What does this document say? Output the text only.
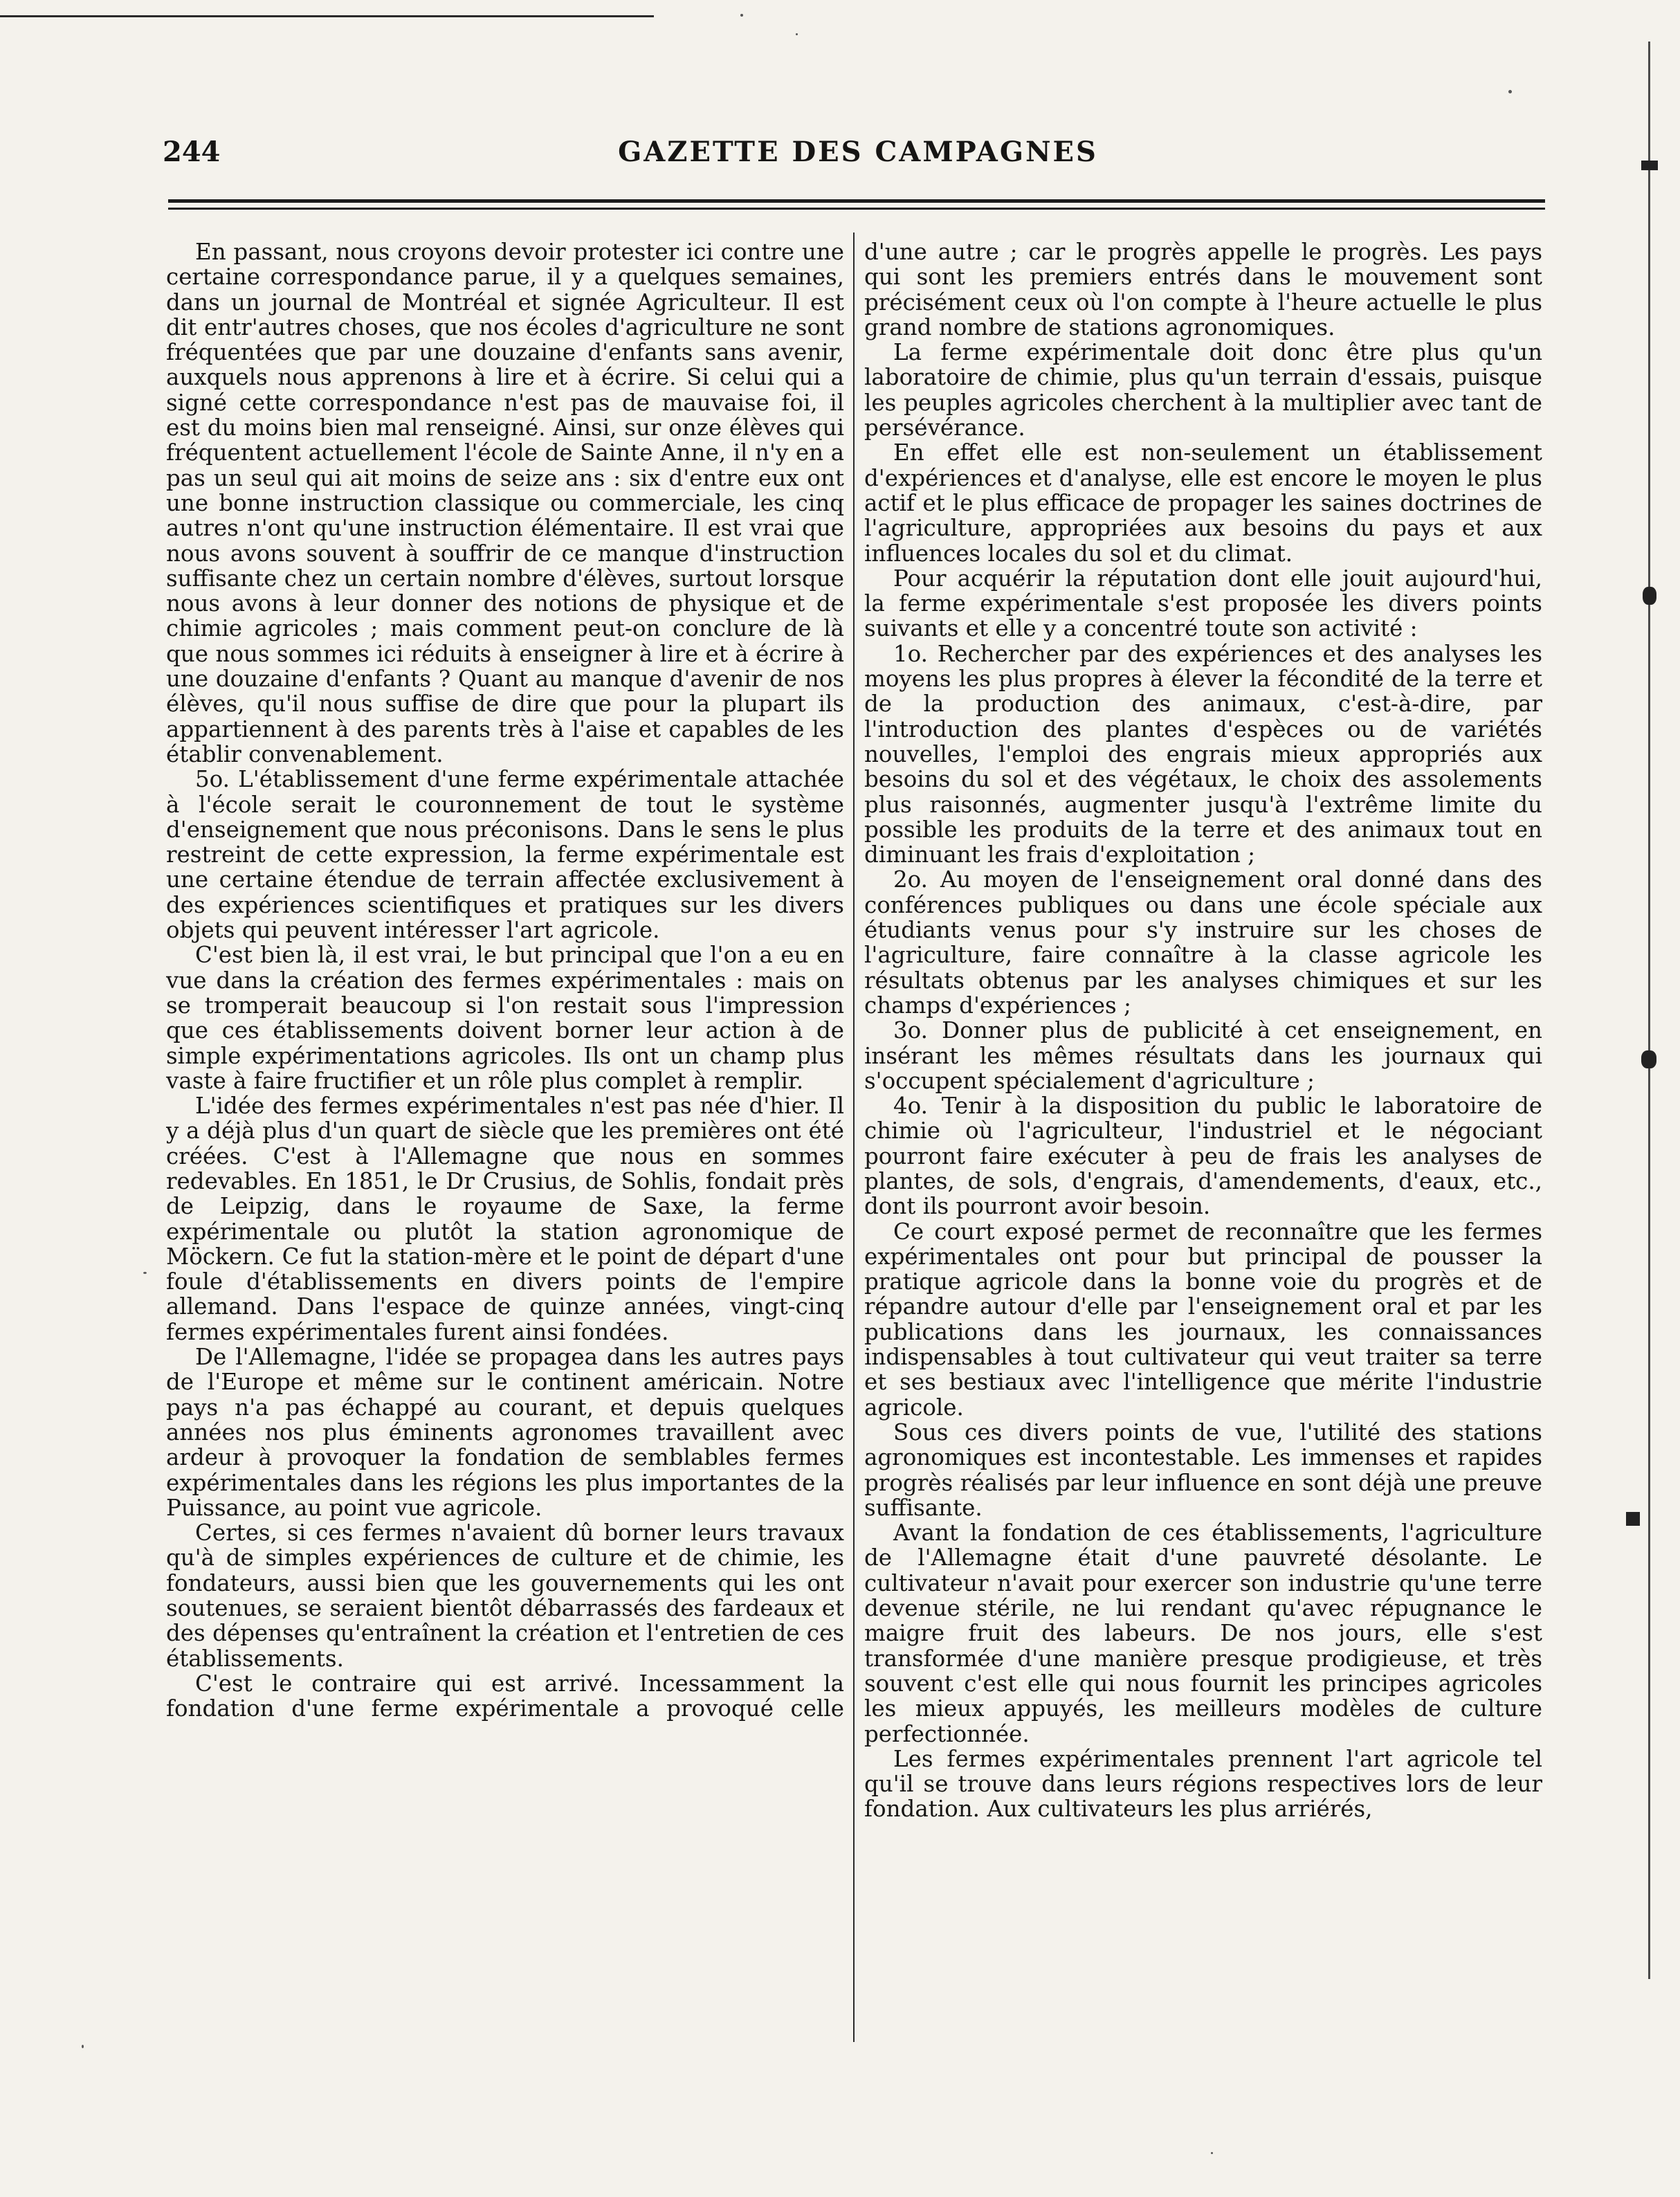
244	GAZETTE DES CAMPAGNES

En passant, nous croyons devoir protester ici contre une certaine correspondance parue, il y a quelques semaines, dans un journal de Montréal et signée Agriculteur. Il est dit entr'autres choses, que nos écoles d'agriculture ne sont fréquentées que par une douzaine d'enfants sans avenir, auxquels nous apprenons à lire et à écrire. Si celui qui a signé cette correspondance n'est pas de mauvaise foi, il est du moins bien mal renseigné. Ainsi, sur onze élèves qui fréquentent actuellement l'école de Sainte Anne, il n'y en a pas un seul qui ait moins de seize ans : six d'entre eux ont une bonne instruction classique ou commerciale, les cinq autres n'ont qu'une instruction élémentaire. Il est vrai que nous avons souvent à souffrir de ce manque d'instruction suffisante chez un certain nombre d'élèves, surtout lorsque nous avons à leur donner des notions de physique et de chimie agricoles ; mais comment peut-on conclure de là que nous sommes ici réduits à enseigner à lire et à écrire à une douzaine d'enfants ? Quant au manque d'avenir de nos élèves, qu'il nous suffise de dire que pour la plupart ils appartiennent à des parents très à l'aise et capables de les établir convenablement.

5o. L'établissement d'une ferme expérimentale attachée à l'école serait le couronnement de tout le système d'enseignement que nous préconisons. Dans le sens le plus restreint de cette expression, la ferme expérimentale est une certaine étendue de terrain affectée exclusivement à des expériences scientifiques et pratiques sur les divers objets qui peuvent intéresser l'art agricole.

C'est bien là, il est vrai, le but principal que l'on a eu en vue dans la création des fermes expérimentales : mais on se tromperait beaucoup si l'on restait sous l'impression que ces établissements doivent borner leur action à de simple expérimentations agricoles. Ils ont un champ plus vaste à faire fructifier et un rôle plus complet à remplir.

L'idée des fermes expérimentales n'est pas née d'hier. Il y a déjà plus d'un quart de siècle que les premières ont été créées. C'est à l'Allemagne que nous en sommes redevables. En 1851, le Dr Crusius, de Sohlis, fondait près de Leipzig, dans le royaume de Saxe, la ferme expérimentale ou plutôt la station agronomique de Möckern. Ce fut la station-mère et le point de départ d'une foule d'établissements en divers points de l'empire allemand. Dans l'espace de quinze années, vingt-cinq fermes expérimentales furent ainsi fondées.

De l'Allemagne, l'idée se propagea dans les autres pays de l'Europe et même sur le continent américain. Notre pays n'a pas échappé au courant, et depuis quelques années nos plus éminents agronomes travaillent avec ardeur à provoquer la fondation de semblables fermes expérimentales dans les régions les plus importantes de la Puissance, au point vue agricole.

Certes, si ces fermes n'avaient dû borner leurs travaux qu'à de simples expériences de culture et de chimie, les fondateurs, aussi bien que les gouvernements qui les ont soutenues, se seraient bientôt débarrassés des fardeaux et des dépenses qu'entraînent la création et l'entretien de ces établissements.

C'est le contraire qui est arrivé. Incessamment la fondation d'une ferme expérimentale a provoqué celle

d'une autre ; car le progrès appelle le progrès. Les pays qui sont les premiers entrés dans le mouvement sont précisément ceux où l'on compte à l'heure actuelle le plus grand nombre de stations agronomiques.

La ferme expérimentale doit donc être plus qu'un laboratoire de chimie, plus qu'un terrain d'essais, puisque les peuples agricoles cherchent à la multiplier avec tant de persévérance.

En effet elle est non-seulement un établissement d'expériences et d'analyse, elle est encore le moyen le plus actif et le plus efficace de propager les saines doctrines de l'agriculture, appropriées aux besoins du pays et aux influences locales du sol et du climat.

Pour acquérir la réputation dont elle jouit aujourd'hui, la ferme expérimentale s'est proposée les divers points suivants et elle y a concentré toute son activité :

1o. Rechercher par des expériences et des analyses les moyens les plus propres à élever la fécondité de la terre et de la production des animaux, c'est-à-dire, par l'introduction des plantes d'espèces ou de variétés nouvelles, l'emploi des engrais mieux appropriés aux besoins du sol et des végétaux, le choix des assolements plus raisonnés, augmenter jusqu'à l'extrême limite du possible les produits de la terre et des animaux tout en diminuant les frais d'exploitation ;

2o. Au moyen de l'enseignement oral donné dans des conférences publiques ou dans une école spéciale aux étudiants venus pour s'y instruire sur les choses de l'agriculture, faire connaître à la classe agricole les résultats obtenus par les analyses chimiques et sur les champs d'expériences ;

3o. Donner plus de publicité à cet enseignement, en insérant les mêmes résultats dans les journaux qui s'occupent spécialement d'agriculture ;

4o. Tenir à la disposition du public le laboratoire de chimie où l'agriculteur, l'industriel et le négociant pourront faire exécuter à peu de frais les analyses de plantes, de sols, d'engrais, d'amendements, d'eaux, etc., dont ils pourront avoir besoin.

Ce court exposé permet de reconnaître que les fermes expérimentales ont pour but principal de pousser la pratique agricole dans la bonne voie du progrès et de répandre autour d'elle par l'enseignement oral et par les publications dans les journaux, les connaissances indispensables à tout cultivateur qui veut traiter sa terre et ses bestiaux avec l'intelligence que mérite l'industrie agricole.

Sous ces divers points de vue, l'utilité des stations agronomiques est incontestable. Les immenses et rapides progrès réalisés par leur influence en sont déjà une preuve suffisante.

Avant la fondation de ces établissements, l'agriculture de l'Allemagne était d'une pauvreté désolante. Le cultivateur n'avait pour exercer son industrie qu'une terre devenue stérile, ne lui rendant qu'avec répugnance le maigre fruit des labeurs. De nos jours, elle s'est transformée d'une manière presque prodigieuse, et très souvent c'est elle qui nous fournit les principes agricoles les mieux appuyés, les meilleurs modèles de culture perfectionnée.

Les fermes expérimentales prennent l'art agricole tel qu'il se trouve dans leurs régions respectives lors de leur fondation. Aux cultivateurs les plus arriérés,
